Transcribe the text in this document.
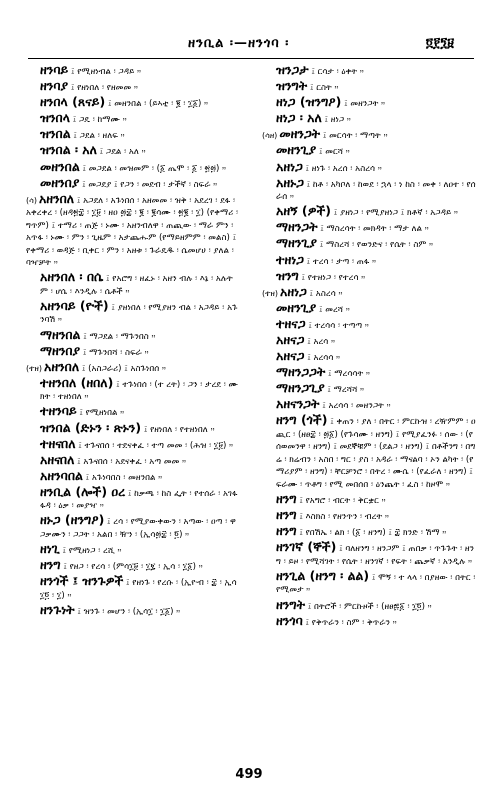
ዘንቢል ፡—ዘንጎባ ፡	፬፻፺፱
ዘንባይ ፤ የሚዘነብል ፡ ጋዳይ ።
ዘንባያ ፤ የዘነበለ ፡ የዘመመ ።
ዘንበላ (ጸናይ) ፤ መዘንበል ፡ (ይኣቲ ፡ ፪ ፡ ፲፩) ።
ዝንበላ ፤ ጋዴ ፡ ከማሙ ።
ዝንበል ፤ ጋደል ፡ ዘለፍ ።
ዝንበል ፡ አለ ፤ ጋደል ፡ አለ ።
መዘንበል ፤ መጋደል ፡ መዝመም ፡ (፩ ጤሞ ፡ ፩ ፡ ፳፴) ።
መዘንበያ ፤ መጋደያ ፤ የጋን ፡ መደብ ፡ ታችኛ ፡ ስፍራ ።
(ሳ) አዘንበለ ፤ አጋደለ ፡ አጉነበሰ ፡ አዘመመ ፡ ዝቅ ፡ አደረገ ፡ ደፋ ፡ አቀረቀረ ፡ (ዘዳ፳፰ ፡ ፲፱ ፡ ዘዐ ፴፰ ፡ ፪ ፡ ፪ሳሙ ፡ ፳፪ ፡ ፲) (የቀማሪ ፡ ግጥም) ፤ ተማሪ ፡ ጠጅ ፡ ኑሙ ፡ አዘንብለዋ ፡ ጠጪው ፡ ማራ ምን ፡ አጥፋ ፡ ኑሙ ፡ ምን ፡ ጊዜም ፡ አታጨሑም (የማይዘምም ፡ መልስ) ፤ የቀማሪ ፡ ወዳጅ ፡ ቢቀር ፡ ምን ፡ አዘቱ ፡ ጉራዴዱ ፡ ሴመሆሀ ፡ ያለል ፡ ባዣቻት ።
አዘንበለ ፡ በሴ ፤ የአሮግ ፡ ዘፈኑ ፡ አዘን ብሉ ፡ እኔ ፡ አሉትም ፡ ሆሴ ፡ እንዲሉ ፡ ሴቶች ።
አዘንባይ (ዮች) ፤ ያዘነበለ ፡ የሚያዘን ብል ፡ አጋዳይ ፡ አጉንባሽ ።
ማዘንበል ፤ ማጋደል ፡ ማጉንበስ ።
ማዘንበያ ፤ ማጉንበሻ ፡ ስፍራ ።
(ተዘ) አዘንበለ ፤ (አስጋራሪ) ፤ አስጉነበሰ ።
ተዘንበለ (ዘበለ) ፤ ተጉነበሰ ፡ (ተ ረት) ፡ ጋን ፡ ታረደ ፡ ሙክት ፡ ተዘነበለ ።
ተዘንባይ ፤ የሚዘነበል ።
ዝንበል (ድኑን ፡ ጽኑን) ፤ የዘነበለ ፡ የተዘነበለ ።
ተዘናበለ ፤ ተጉናበሰ ፡ ተደናቀፈ ፡ ተጣ መመ ፡ (ሕዝ ፡ ፲፱) ።
አዘናበለ ፤ አጉናበሰ ፡ አደናቀፈ ፡ አጣ መመ ።
አዘንባበል ፤ አጉነባበስ ፡ መዘንበል ።
ዘንቢል (ሎች) ዐረ ፤ ከቃጫ ፡ ከስ ፌት ፡ የተሰራ ፡ አገፋፋዳ ፡ ዕቃ ፡ መያዣ ።
ዘኑጋ (ዘንግዖ) ፤ ረሳ ፡ የሚያውቀውን ፡ አጣው ፡ ዐጣ ፡ ዋጋቃሙን ፡ ጋጋት ፡ አልበ ፡ ዥን ፡ (ኢሳ፴፰ ፡ ፬) ።
ዘነጊ ፤ የሚዘነጋ ፡ ረሺ ።
ዘንግ ፤ የዘጋ ፡ የረሳ ፡ (ምሳ፲፱ ፡ ፲፯ ፡ ኢሳ ፡ ፲፩) ።
ዘንጎች ፤ ዝንጉዎች ፤ የዘነጉ ፡ የረሱ ፡ (ኢዮብ ፡ ፰ ፡ ኢሳ፲፬ ፡ ፲) ።
ዘንጉነት ፤ ዝንጉ ፡ መሆን ፡ (ኢሳ፲ ፡ ፲፩) ።
ዝንጋታ ፤ ርሳታ ፡ ዕቀት ።
ዝንግት ፤ ርስት ።
ዘነጋ (ዝንግዖ) ፤ መዘንጋት ።
ዘነጋ ፡ አለ ፤ ዘነጋ ።
(ሳዘ) መዘንጋት ፤ መርሳት ፡ ማጣት ።
መዘንጊያ ፤ መርሻ ።
አዘነጋ ፤ ዘነጉ ፡ አረሰ ፡ አስረሳ ።
አዘኑጋ ፤ ከቶ ፡ አካቦለ ፡ ከወደ ፡ ኋላ ፡ ነ ከስ ፡ መቀ ፡ ለዐተ ፡ የሰራሰ ።
አዘኝ (ዎች) ፤ ያዘነጋ ፡ የሚያዘነጋ ፤ ክቶኛ ፡ አጋዳይ ።
ማዘንጋት ፤ ማስረሳት ፡ መክዳት ፡ ማታ ለል ።
ማዘንጊያ ፤ ማስረሻ ፡ የወንድና ፡ የሴት ፡ ስም ።
ተዘነጋ ፤ ተረሳ ፡ ታጣ ፡ ጠፋ ።
ዝንግ ፤ የተዘነጋ ፡ የተረሳ ።
(ተዘ) አዘነጋ ፤ አስረሳ ።
መዘንጊያ ፤ መረሻ ።
ተዘናጋ ፤ ተረሳሳ ፡ ተጣጣ ።
አዘናጋ ፤ አረሳ ።
አዘናጋ ፤ አረሳሳ ።
ማዘንጋጋት ፤ ማረሳሳት ።
ማዘንጋጊያ ፤ ማረሻሻ ።
አዘናንጋት ፤ አረሳሳ ፡ መዘንጋት ።
ዘንግ (ጎች) ፤ ቀጠን ፡ ያለ ፡ በትር ፡ ምርኩዝ ፡ ረዥምም ፡ ዐጪር ፡ (ዘፀ፰ ፡ ፴፩) (የጉሳሙ ፡ ዘንግ) ፤ የሚያፈንፉ ፡ ሰው ፡ (የሰወመንዋ ፡ ዘንግ) ፤ መደኞቹም ፡ (ደልጋ ፡ ዘንግ) ፤ በቶችንግ ፡ በግሬ ፡ ክሬብን ፡ አስበ ፡ ግር ፡ ያስ ፡ አዳራ ፡ ማናልባ ፡ ኦን ልካት ፡ (የማሪያም ፡ ዘንግ) ፡ ቸርቻንሮ ፡ በትረ ፡ ሙሴ ፡ (የፈራለ ፡ ዘንግ) ፤ ፍራሙ ፡ ጥቶግ ፡ የሚ መበሰበ ፡ ዕንጨት ፡ ፈስ ፡ ከዞሞ ።
ዘንግ ፤ የአግሮ ፡ ብርት ፡ ቅርቋር ።
ዘንግ ፤ እስክስ ፡ የዘንጥን ፡ ብረት ።
ዘንግ ፤ የበሽኤ ፡ ልክ ፡ (፩ ፡ ዘንግ) ፤ ፰ ክንድ ፡ ሽማ ።
ዘንገኛ (ኞች) ፤ ባለዘንግ ፡ ዘንጋም ፤ ጠበቃ ፡ ጥጉጉት ፡ ዘንግ ፡ ይዞ ፡ የሚሻገት ፡ የሴት ፡ ዘንገኛ ፡ የፍት ፡ ጨቃኛ ፡ አንዲሉ ።
ዘንጊል (ዘንግ ፡ ልል) ፤ ሞኝ ፡ ተ ላላ ፡ በያዘው ፡ በትር ፡ የሚመታ ።
ዘንግት ፤ በትሮች ፡ ምርኩዞች ፡ (ዘፀ፷፩ ፡ ፲፬) ።
ዘንጎባ ፤ የቅጥራን ፡ ስም ፡ ቅጥራን ።
499
